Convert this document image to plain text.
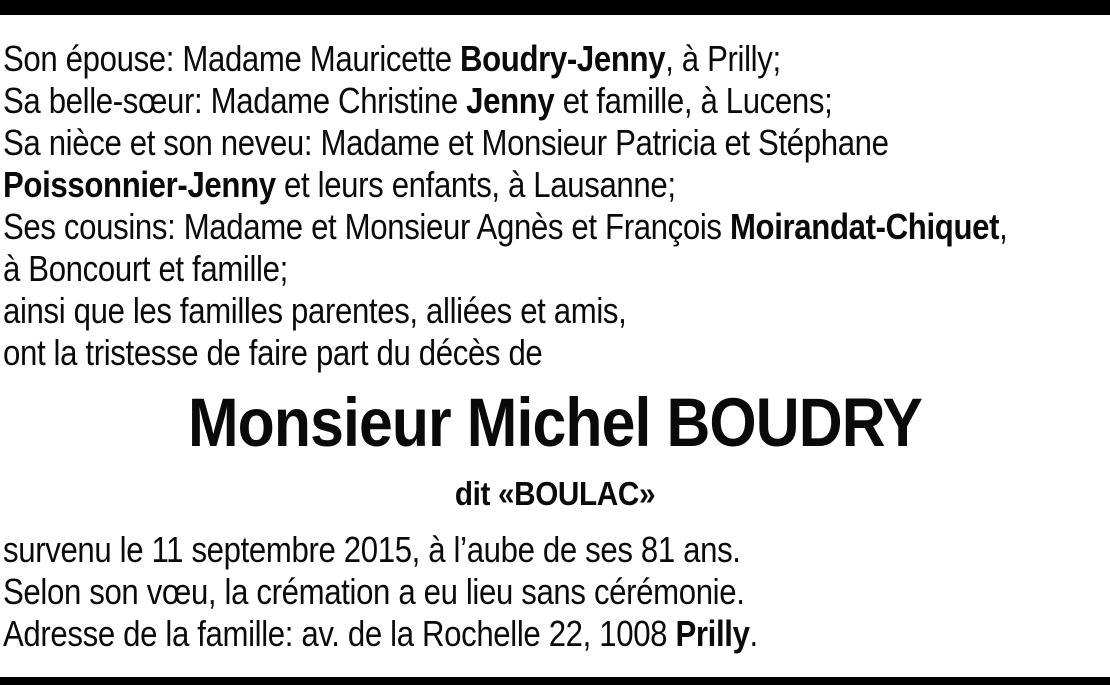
Son épouse: Madame Mauricette Boudry-Jenny, à Prilly;
Sa belle-sœur: Madame Christine Jenny et famille, à Lucens;
Sa nièce et son neveu: Madame et Monsieur Patricia et Stéphane
Poissonnier-Jenny et leurs enfants, à Lausanne;
Ses cousins: Madame et Monsieur Agnès et François Moirandat-Chiquet,
à Boncourt et famille;
ainsi que les familles parentes, alliées et amis,
ont la tristesse de faire part du décès de
Monsieur Michel BOUDRY
dit «BOULAC»
survenu le 11 septembre 2015, à l’aube de ses 81 ans.
Selon son vœu, la crémation a eu lieu sans cérémonie.
Adresse de la famille: av. de la Rochelle 22, 1008 Prilly.
